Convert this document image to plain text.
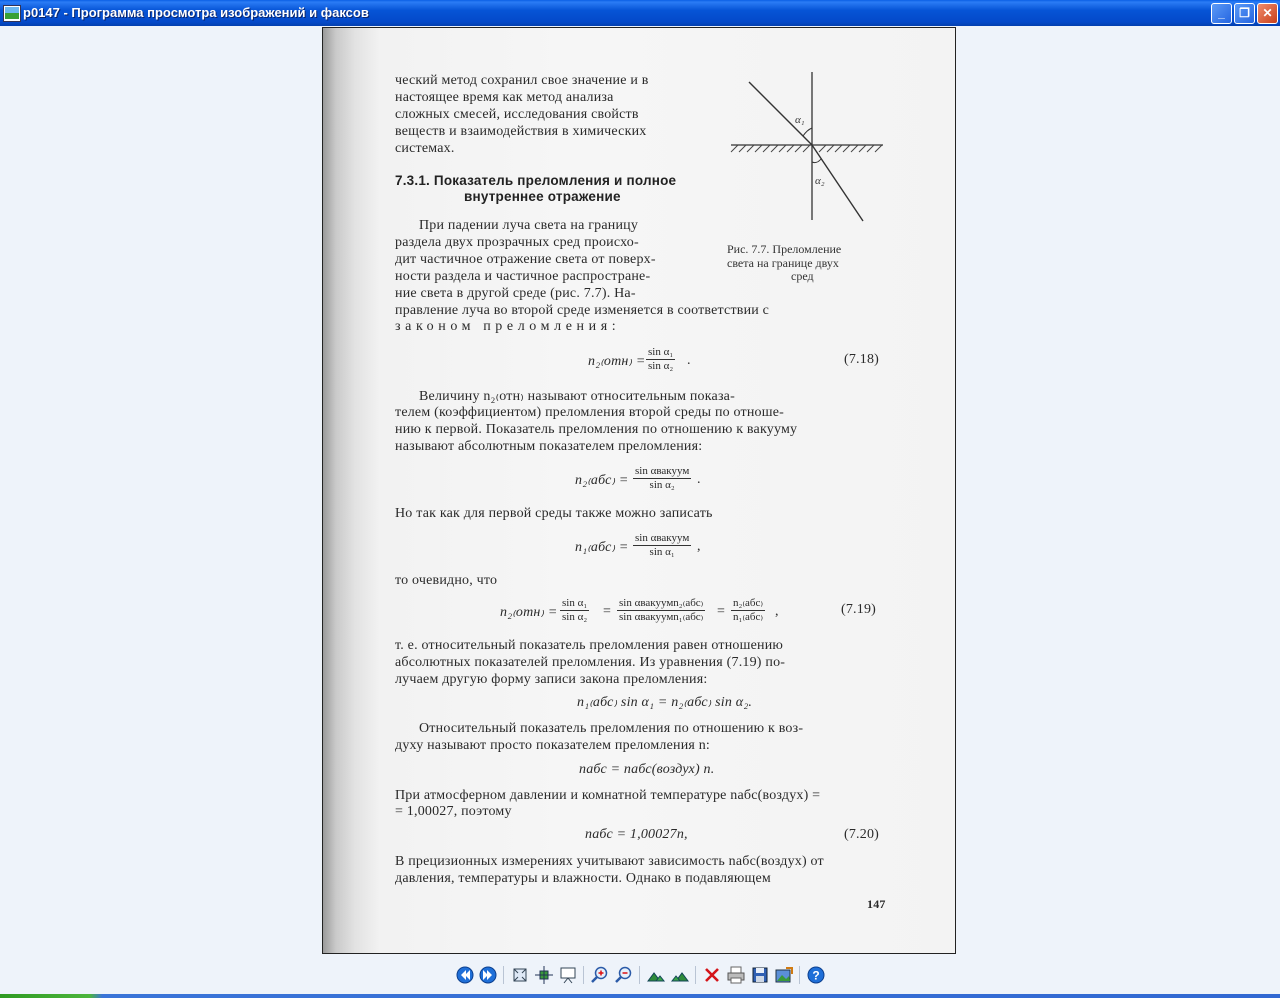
p0147 - Программа просмотра изображений и факсов	_	❐	✕
ческий метод сохранил свое значение и в
настоящее время как метод анализа
сложных смесей, исследования свойств
веществ и взаимодействия в химических
системах.
7.3.1. Показатель преломления и полное
внутреннее отражение
При падении луча света на границу
раздела двух прозрачных сред происхо-
дит частичное отражение света от поверх-
ности раздела и частичное распростране-
ние света в другой среде (рис. 7.7). На-
правление луча во второй среде изменяется в соответствии с
законом преломления:
α₁
α₂
Рис. 7.7. Преломление
света на границе двух
сред
$n_{2(}отн_) = \frac{\text{sin α₁}}{\text{sin α₂}}$ .	(7.18)
Величину n₂₍отн₎ называют относительным показа-
телем (коэффициентом) преломления второй среды по отноше-
нию к первой. Показатель преломления по отношению к вакууму
называют абсолютным показателем преломления:
n₂₍абс₎ =
sin αвакуум
sin α₂	.
Но так как для первой среды также можно записать
n₁₍абс₎ =
sin αвакуум
sin α₁	,
то очевидно, что
$n_{2(}отн_) = \frac{\text{sin α₁}}{\text{sin α₂}}$ =
sin αвакуумn₂₍абс₎
sin αвакуумn₁₍абс₎ =
n₂₍абс₎
n₁₍абс₎ ,	(7.19)
т. е. относительный показатель преломления равен отношению
абсолютных показателей преломления. Из уравнения (7.19) по-
лучаем другую форму записи закона преломления:
n₁₍абс₎ sin α₁ = n₂₍абс₎ sin α₂.
Относительный показатель преломления по отношению к воз-
духу называют просто показателем преломления n:
nабс = nабс(воздух) n.
При атмосферном давлении и комнатной температуре nабс(воздух) =
= 1,00027, поэтому
nабс = 1,00027n,	(7.20)
В прецизионных измерениях учитывают зависимость nабс(воздух) от
давления, температуры и влажности. Однако в подавляющем
147
?
